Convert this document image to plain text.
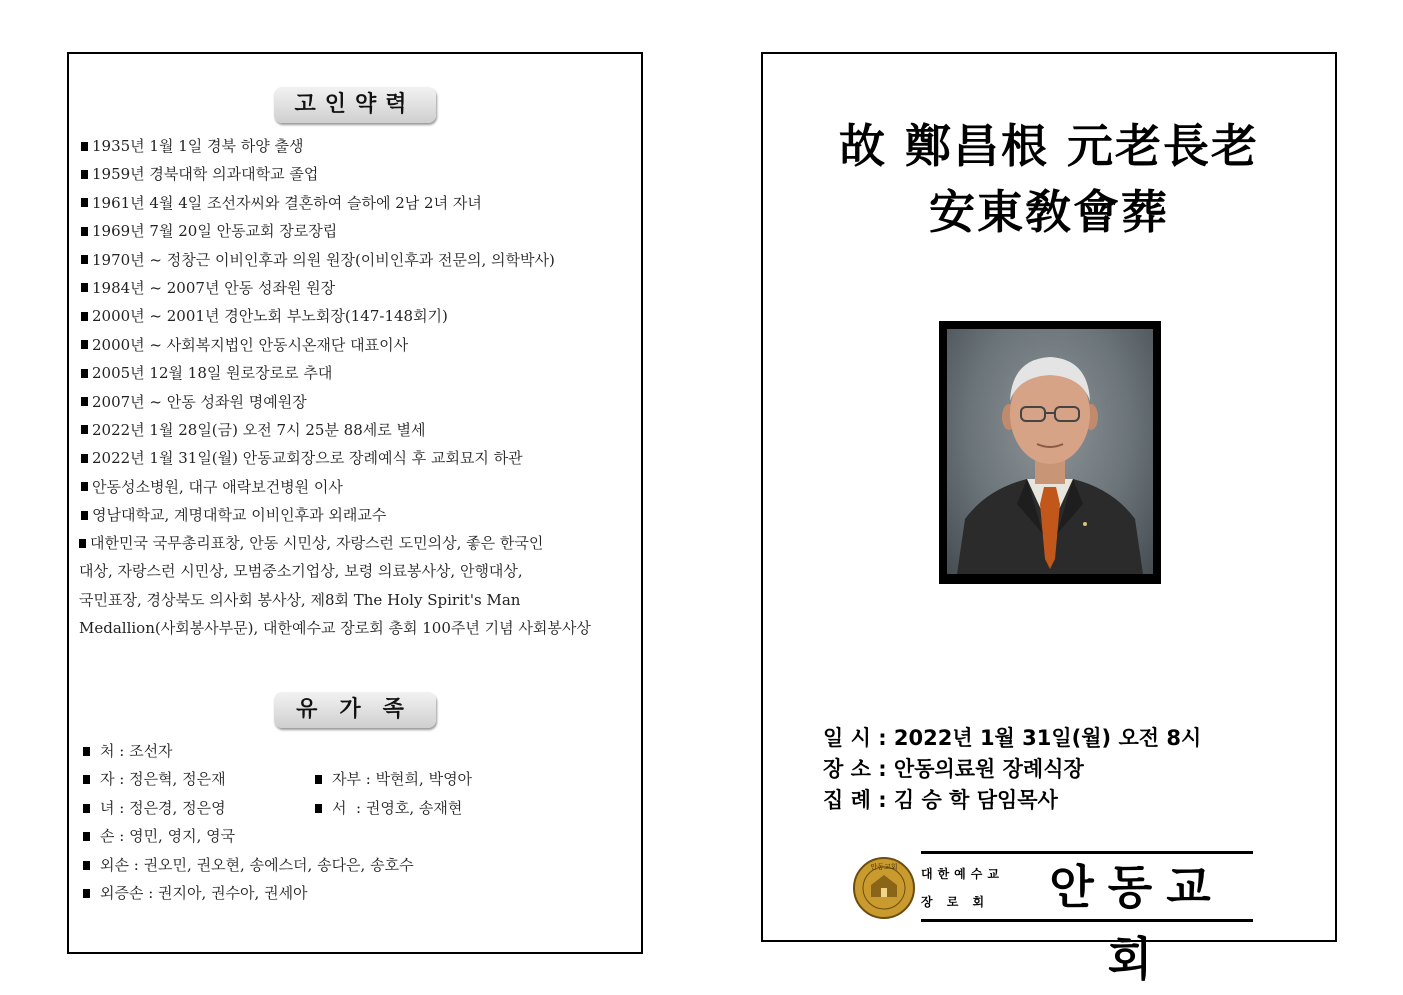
고인약력
1935년 1월 1일 경북 하양 출생
1959년 경북대학 의과대학교 졸업
1961년 4월 4일 조선자씨와 결혼하여 슬하에 2남 2녀 자녀
1969년 7월 20일 안동교회 장로장립
1970년 ~ 정창근 이비인후과 의원 원장(이비인후과 전문의, 의학박사)
1984년 ~ 2007년 안동 성좌원 원장
2000년 ~ 2001년 경안노회 부노회장(147-148회기)
2000년 ~ 사회복지법인 안동시온재단 대표이사
2005년 12월 18일 원로장로로 추대
2007년 ~ 안동 성좌원 명예원장
2022년 1월 28일(금) 오전 7시 25분 88세로 별세
2022년 1월 31일(월) 안동교회장으로 장례예식 후 교회묘지 하관
안동성소병원, 대구 애락보건병원 이사
영남대학교, 계명대학교 이비인후과 외래교수
대한민국 국무총리표창, 안동 시민상, 자랑스런 도민의상, 좋은 한국인
대상, 자랑스런 시민상, 모범중소기업상, 보령 의료봉사상, 안행대상,
국민표장, 경상북도 의사회 봉사상, 제8회 The Holy Spirit's Man
Medallion(사회봉사부문), 대한예수교 장로회 총회 100주년 기념 사회봉사상
유가족
처 : 조선자
자 : 정은혁, 정은재	자부 : 박현희, 박영아
녀 : 정은경, 정은영	서  : 권영호, 송재현
손 : 영민, 영지, 영국
외손 : 권오민, 권오현, 송에스더, 송다은, 송호수
외증손 : 권지아, 권수아, 권세아
故 鄭昌根 元老長老
安東敎會葬
일 시 : 2022년 1월 31일(월) 오전 8시
장 소 : 안동의료원 장례식장
집 례 : 김 승 학 담임목사
안동교회 대한예수교
장 로 회	안동교회
